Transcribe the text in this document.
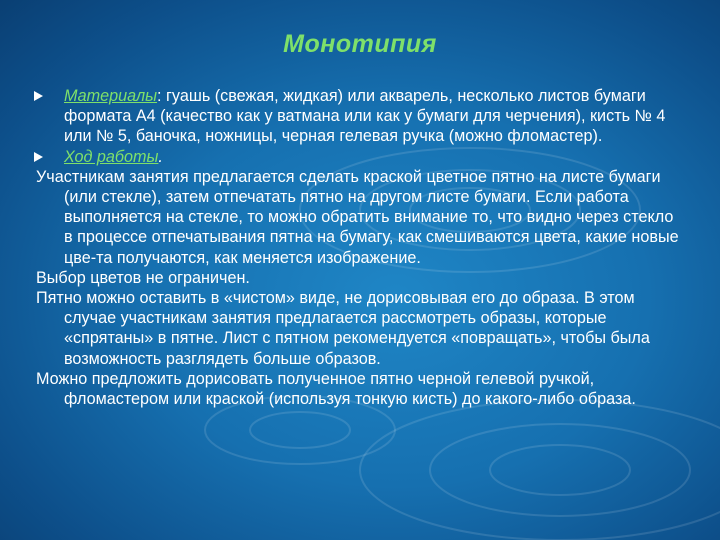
Монотипия

Материалы: гуашь (свежая, жидкая) или акварель, несколько листов бумаги формата А4 (качество как у ватмана или как у бумаги для черчения), кисть № 4 или № 5, баночка, ножницы, черная гелевая ручка (можно фломастер).

Ход работы.

Участникам занятия предлагается сделать краской цветное пятно на листе бумаги (или стекле), затем отпечатать пятно на другом листе бумаги. Если работа выполняется на стекле, то можно обратить внимание то, что видно через стекло в процессе отпечатывания пятна на бумагу, как смешиваются цвета, какие новые цве-та получаются, как меняется изображение.

Выбор цветов не ограничен.

Пятно можно оставить в «чистом» виде, не дорисовывая его до образа. В этом случае участникам занятия предлагается рассмотреть образы, которые «спрятаны» в пятне. Лист с пятном рекомендуется «повращать», чтобы была возможность разглядеть больше образов.

Можно предложить дорисовать полученное пятно черной гелевой ручкой, фломастером или краской (используя тонкую кисть) до какого-либо образа.
